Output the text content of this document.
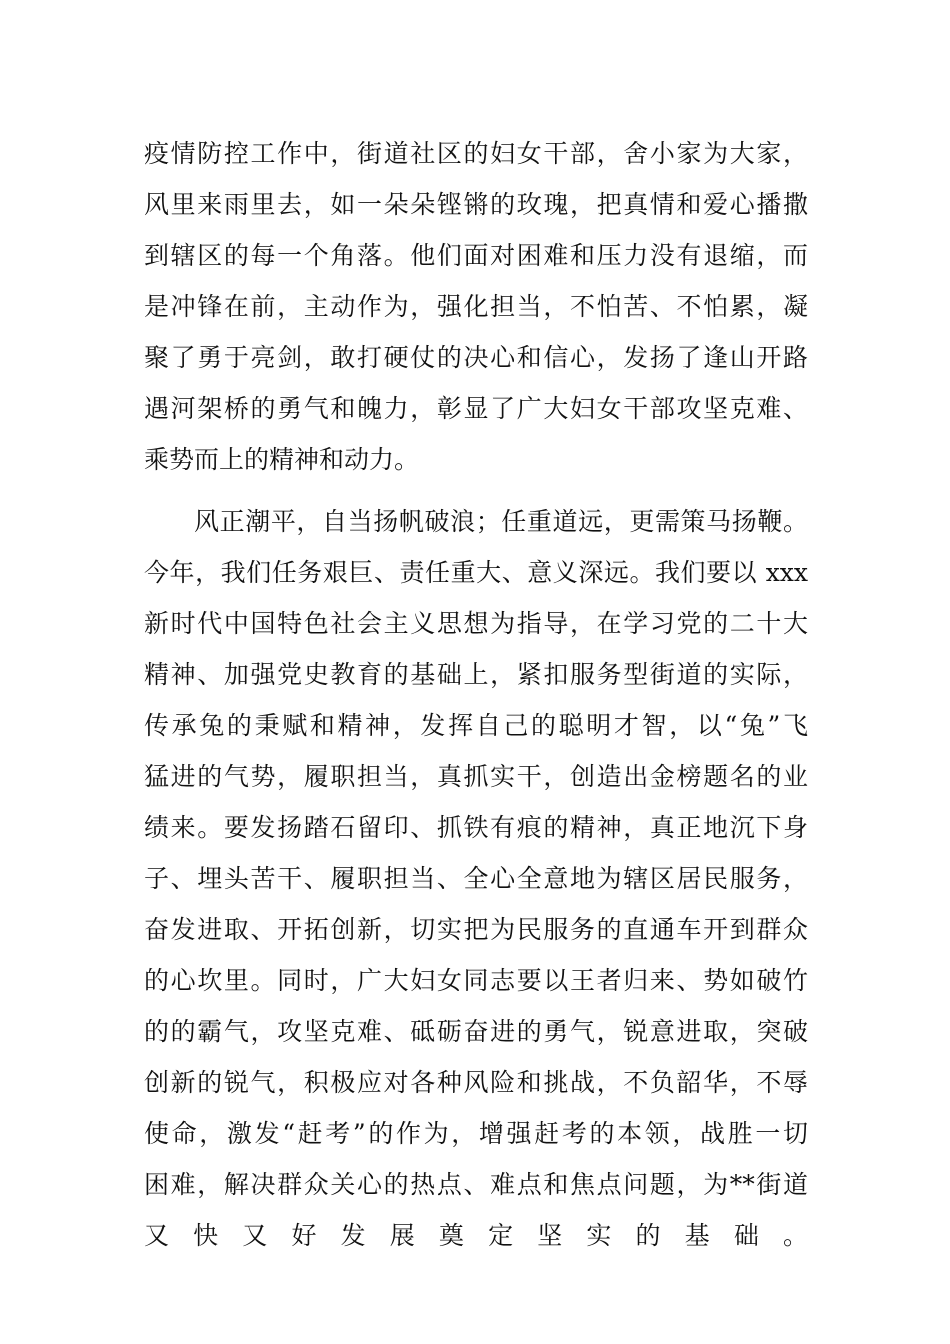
疫情防控工作中，街道社区的妇女干部，舍小家为大家，
风里来雨里去，如一朵朵铿锵的玫瑰，把真情和爱心播撒
到辖区的每一个角落。他们面对困难和压力没有退缩，而
是冲锋在前，主动作为，强化担当，不怕苦、不怕累，凝
聚了勇于亮剑，敢打硬仗的决心和信心，发扬了逢山开路
遇河架桥的勇气和魄力，彰显了广大妇女干部攻坚克难、
乘势而上的精神和动力。
风正潮平，自当扬帆破浪；任重道远，更需策马扬鞭。
今年，我们任务艰巨、责任重大、意义深远。我们要以 xxx
新时代中国特色社会主义思想为指导，在学习党的二十大
精神、加强党史教育的基础上，紧扣服务型街道的实际，
传承兔的秉赋和精神，发挥自己的聪明才智，以“兔”飞
猛进的气势，履职担当，真抓实干，创造出金榜题名的业
绩来。要发扬踏石留印、抓铁有痕的精神，真正地沉下身
子、埋头苦干、履职担当、全心全意地为辖区居民服务，
奋发进取、开拓创新，切实把为民服务的直通车开到群众
的心坎里。同时，广大妇女同志要以王者归来、势如破竹
的的霸气，攻坚克难、砥砺奋进的勇气，锐意进取，突破
创新的锐气，积极应对各种风险和挑战，不负韶华，不辱
使命，激发“赶考”的作为，增强赶考的本领，战胜一切
困难，解决群众关心的热点、难点和焦点问题，为**街道
又快又好发展奠定坚实的基础。
